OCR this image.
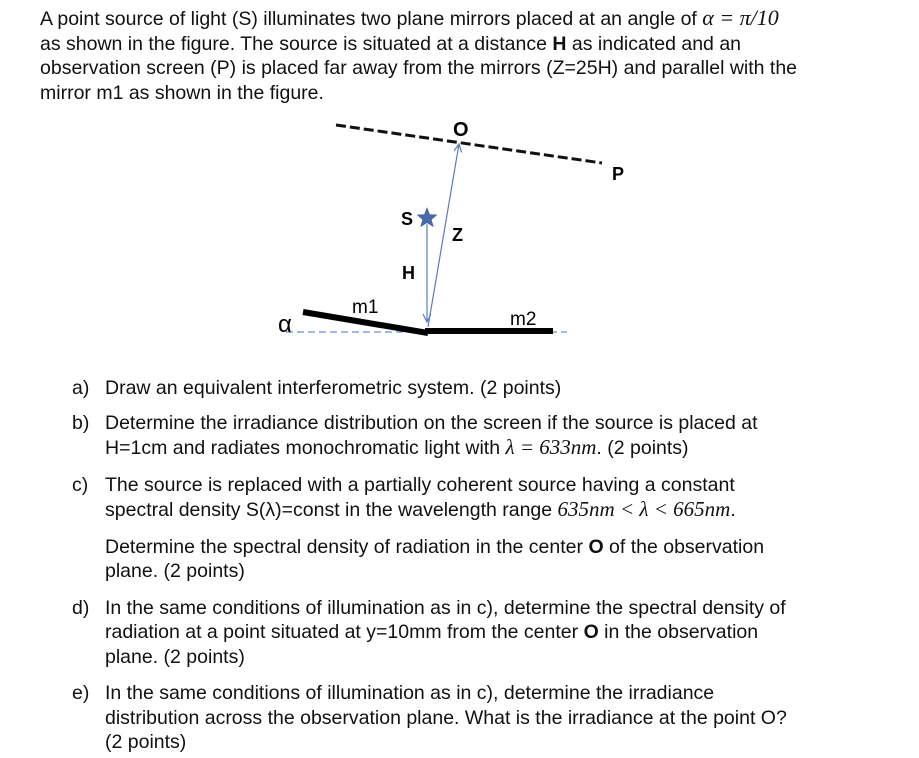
A point source of light (S) illuminates two plane mirrors placed at an angle of α = π/10
as shown in the figure. The source is situated at a distance H as indicated and an
observation screen (P) is placed far away from the mirrors (Z=25H) and parallel with the
mirror m1 as shown in the figure.
O
P
S
Z
H
α
m1
m2
a) Draw an equivalent interferometric system. (2 points)
b) Determine the irradiance distribution on the screen if the source is placed at
H=1cm and radiates monochromatic light with λ = 633nm. (2 points)
c) The source is replaced with a partially coherent source having a constant
spectral density S(λ)=const in the wavelength range 635nm < λ < 665nm.
Determine the spectral density of radiation in the center O of the observation
plane. (2 points)
d) In the same conditions of illumination as in c), determine the spectral density of
radiation at a point situated at y=10mm from the center O in the observation
plane. (2 points)
e) In the same conditions of illumination as in c), determine the irradiance
distribution across the observation plane. What is the irradiance at the point O?
(2 points)
